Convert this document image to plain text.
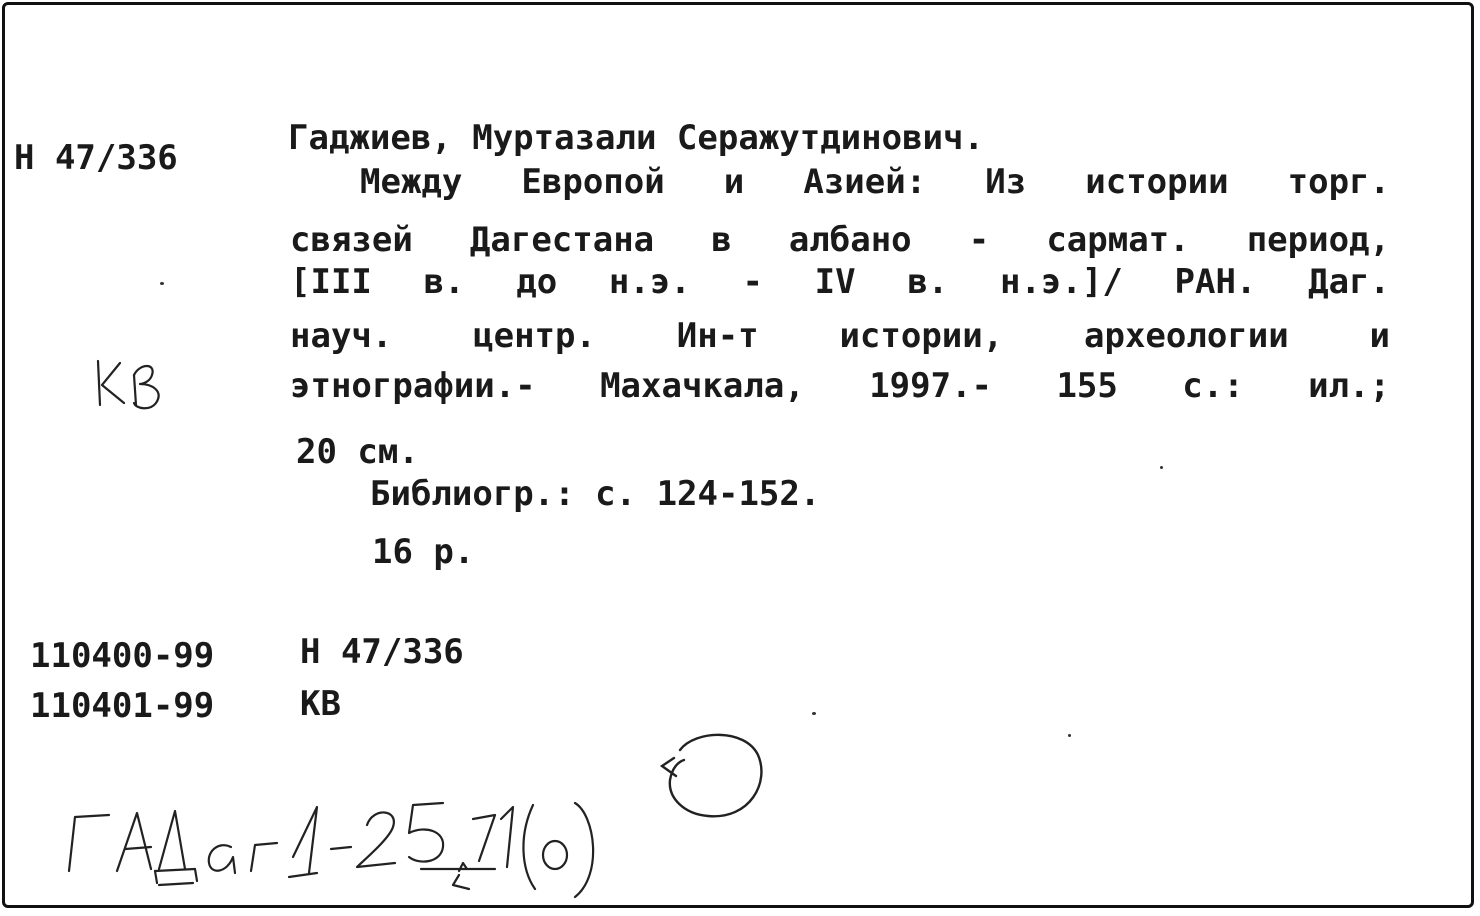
Н 47/336	Гаджиев, Муртазали Серажутдинович.
Между Европой и Азией: Из истории торг.
связей Дагестана в албано - сармат. период,
[III в. до н.э. - IV в. н.э.]/ РАН. Даг.
науч. центр. Ин-т истории, археологии и
этнографии.- Махачкала, 1997.- 155 с.: ил.;
20 см.
Библиогр.: с. 124-152.
16 р.
110400-99	Н 47/336
110401-99	КВ
